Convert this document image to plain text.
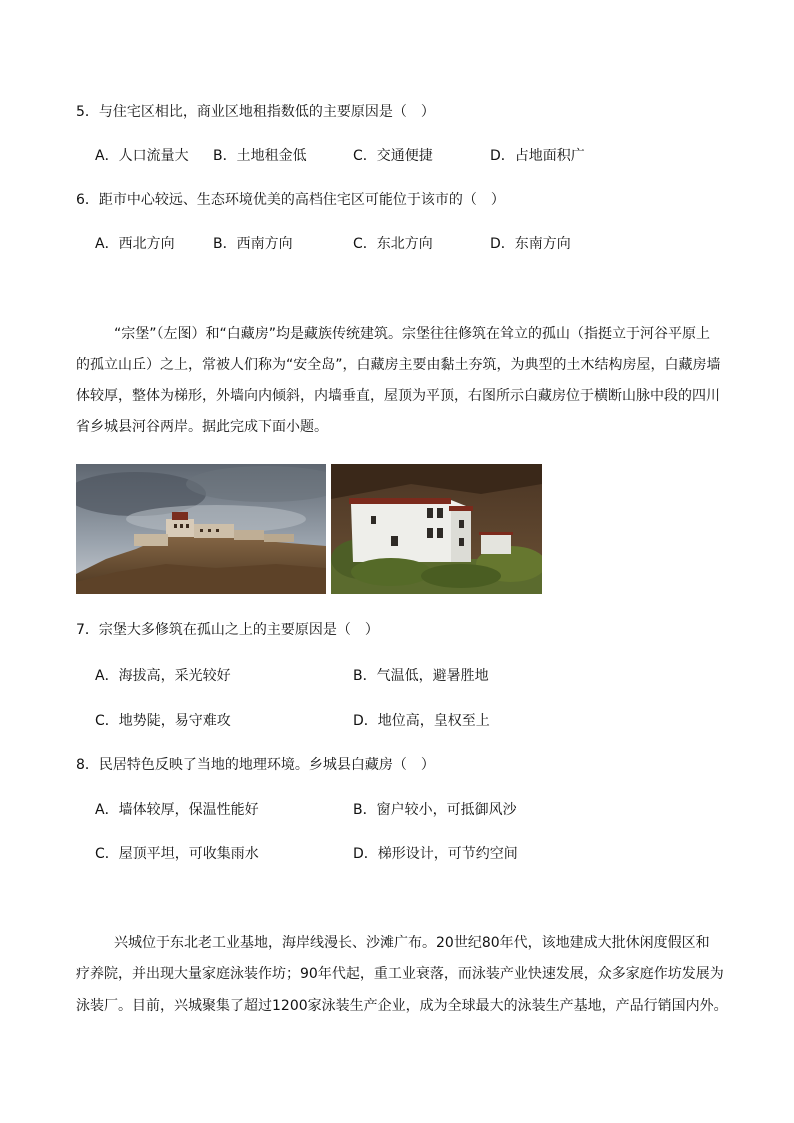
5．与住宅区相比，商业区地租指数低的主要原因是（　）
A．人口流量大 B．土地租金低	C．交通便捷	D．占地面积广
6．距市中心较远、生态环境优美的高档住宅区可能位于该市的（　）
A．西北方向	B．西南方向	C．东北方向	D．东南方向
“宗堡”（左图）和“白藏房”均是藏族传统建筑。宗堡往往修筑在耸立的孤山（指挺立于河谷平原上
的孤立山丘）之上，常被人们称为“安全岛”，白藏房主要由黏土夯筑，为典型的土木结构房屋，白藏房墙
体较厚，整体为梯形，外墙向内倾斜，内墙垂直，屋顶为平顶，右图所示白藏房位于横断山脉中段的四川
省乡城县河谷两岸。据此完成下面小题。
7．宗堡大多修筑在孤山之上的主要原因是（　）
A．海拔高，采光较好	B．气温低，避暑胜地
C．地势陡，易守难攻	D．地位高，皇权至上
8．民居特色反映了当地的地理环境。乡城县白藏房（　）
A．墙体较厚，保温性能好	B．窗户较小，可抵御风沙
C．屋顶平坦，可收集雨水	D．梯形设计，可节约空间
兴城位于东北老工业基地，海岸线漫长、沙滩广布。20世纪80年代，该地建成大批休闲度假区和
疗养院，并出现大量家庭泳装作坊；90年代起，重工业衰落，而泳装产业快速发展，众多家庭作坊发展为
泳装厂。目前，兴城聚集了超过1200家泳装生产企业，成为全球最大的泳装生产基地，产品行销国内外。
